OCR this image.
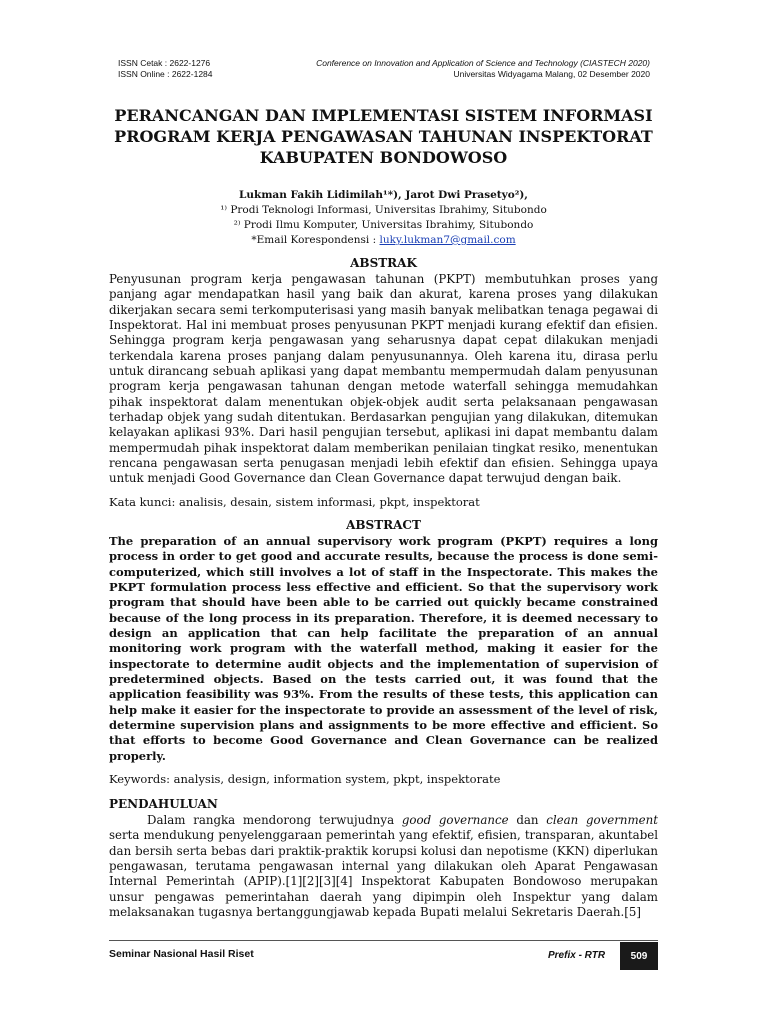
ISSN Cetak : 2622-1276
ISSN Online : 2622-1284
Conference on Innovation and Application of Science and Technology (CIASTECH 2020)
Universitas Widyagama Malang, 02 Desember 2020
PERANCANGAN DAN IMPLEMENTASI SISTEM INFORMASI
PROGRAM KERJA PENGAWASAN TAHUNAN INSPEKTORAT
KABUPATEN BONDOWOSO
Lukman Fakih Lidimilah¹*), Jarot Dwi Prasetyo²),
¹⁾ Prodi Teknologi Informasi, Universitas Ibrahimy, Situbondo
²⁾ Prodi Ilmu Komputer, Universitas Ibrahimy, Situbondo
*Email Korespondensi : luky.lukman7@gmail.com
ABSTRAK

Penyusunan program kerja pengawasan tahunan (PKPT) membutuhkan proses yang panjang agar mendapatkan hasil yang baik dan akurat, karena proses yang dilakukan dikerjakan secara semi terkomputerisasi yang masih banyak melibatkan tenaga pegawai di Inspektorat. Hal ini membuat proses penyusunan PKPT menjadi kurang efektif dan efisien. Sehingga program kerja pengawasan yang seharusnya dapat cepat dilakukan menjadi terkendala karena proses panjang dalam penyusunannya. Oleh karena itu, dirasa perlu untuk dirancang sebuah aplikasi yang dapat membantu mempermudah dalam penyusunan program kerja pengawasan tahunan dengan metode waterfall sehingga memudahkan pihak inspektorat dalam menentukan objek-objek audit serta pelaksanaan pengawasan terhadap objek yang sudah ditentukan. Berdasarkan pengujian yang dilakukan, ditemukan kelayakan aplikasi 93%. Dari hasil pengujian tersebut, aplikasi ini dapat membantu dalam mempermudah pihak inspektorat dalam memberikan penilaian tingkat resiko, menentukan rencana pengawasan serta penugasan menjadi lebih efektif dan efisien. Sehingga upaya untuk menjadi Good Governance dan Clean Governance dapat terwujud dengan baik.

Kata kunci: analisis, desain, sistem informasi, pkpt, inspektorat

ABSTRACT

The preparation of an annual supervisory work program (PKPT) requires a long process in order to get good and accurate results, because the process is done semi-computerized, which still involves a lot of staff in the Inspectorate. This makes the PKPT formulation process less effective and efficient. So that the supervisory work program that should have been able to be carried out quickly became constrained because of the long process in its preparation. Therefore, it is deemed necessary to design an application that can help facilitate the preparation of an annual monitoring work program with the waterfall method, making it easier for the inspectorate to determine audit objects and the implementation of supervision of predetermined objects. Based on the tests carried out, it was found that the application feasibility was 93%. From the results of these tests, this application can help make it easier for the inspectorate to provide an assessment of the level of risk, determine supervision plans and assignments to be more effective and efficient. So that efforts to become Good Governance and Clean Governance can be realized properly.

Keywords: analysis, design, information system, pkpt, inspektorate

PENDAHULUAN

Dalam rangka mendorong terwujudnya good governance dan clean government serta mendukung penyelenggaraan pemerintah yang efektif, efisien, transparan, akuntabel dan bersih serta bebas dari praktik-praktik korupsi kolusi dan nepotisme (KKN) diperlukan pengawasan, terutama pengawasan internal yang dilakukan oleh Aparat Pengawasan Internal Pemerintah (APIP).[1][2][3][4] Inspektorat Kabupaten Bondowoso merupakan unsur pengawas pemerintahan daerah yang dipimpin oleh Inspektur yang dalam melaksanakan tugasnya bertanggungjawab kepada Bupati melalui Sekretaris Daerah.[5]

Seminar Nasional Hasil Riset	Prefix - RTR	509
